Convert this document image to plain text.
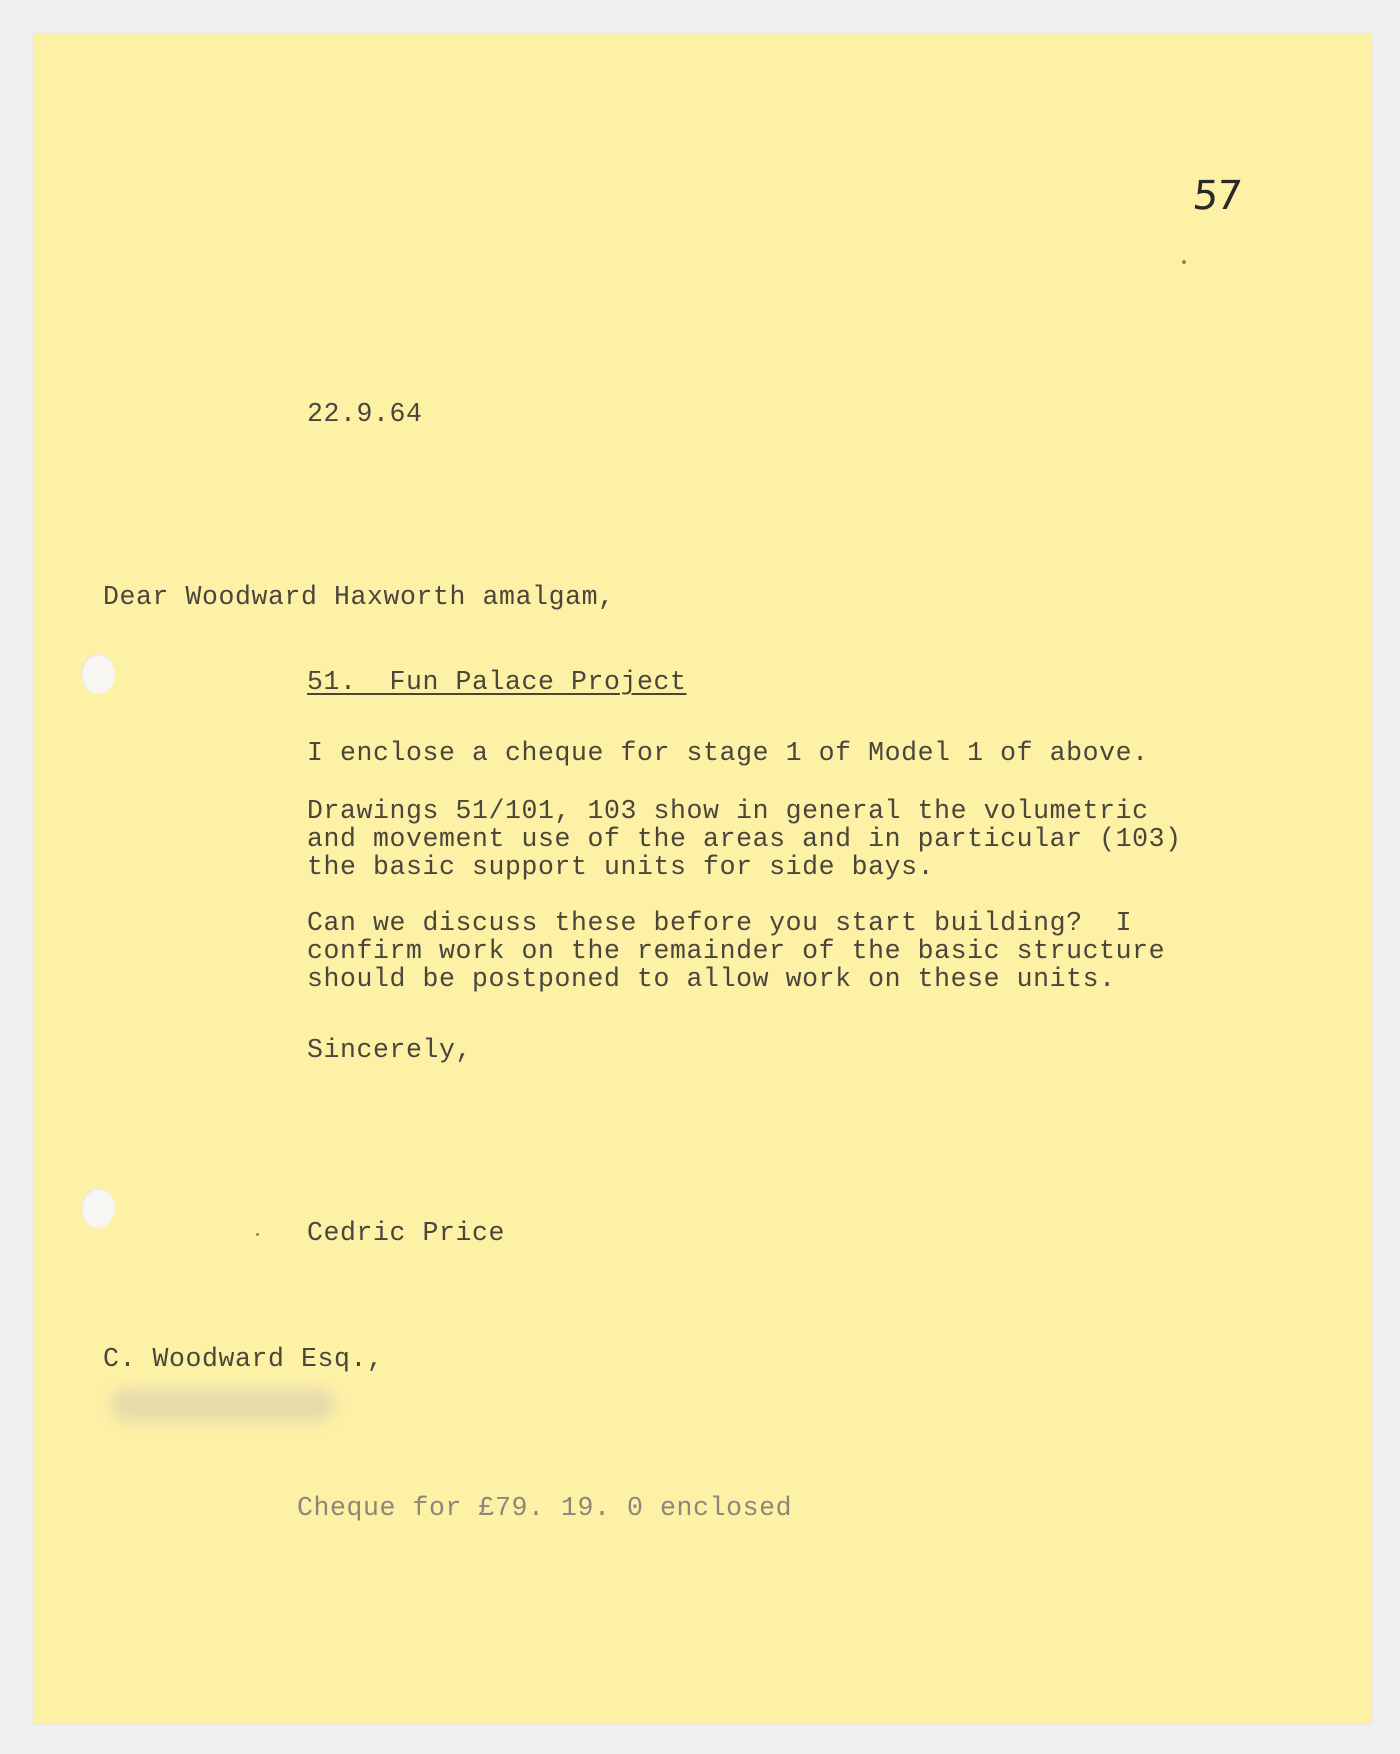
57
22.9.64
Dear Woodward Haxworth amalgam,
51.  Fun Palace Project
I enclose a cheque for stage 1 of Model 1 of above.
Drawings 51/101, 103 show in general the volumetric
and movement use of the areas and in particular (103)
the basic support units for side bays.
Can we discuss these before you start building?  I
confirm work on the remainder of the basic structure
should be postponed to allow work on these units.
Sincerely,
Cedric Price
C. Woodward Esq.,
Cheque for £79. 19. 0 enclosed
